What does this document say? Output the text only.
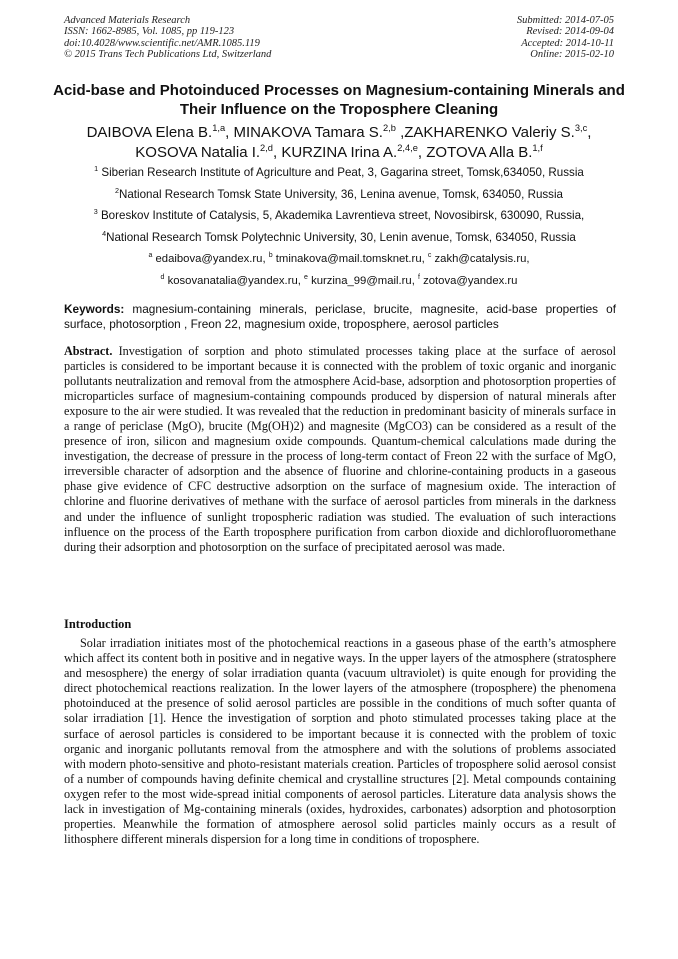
Advanced Materials Research
ISSN: 1662-8985, Vol. 1085, pp 119-123
doi:10.4028/www.scientific.net/AMR.1085.119
© 2015 Trans Tech Publications Ltd, Switzerland
Submitted: 2014-07-05
Revised: 2014-09-04
Accepted: 2014-10-11
Online: 2015-02-10
Acid-base and Photoinduced Processes on Magnesium-containing Minerals and Their Influence on the Troposphere Cleaning
DAIBOVA Elena B.$^{1,a}$, MINAKOVA Tamara S.$^{2,b}$ ,ZAKHARENKO Valeriy S.$^{3,c}$,
KOSOVA Natalia I.$^{2,d}$, KURZINA Irina A.$^{2,4,e}$, ZOTOVA Alla B.$^{1,f}$
$^1$ Siberian Research Institute of Agriculture and Peat, 3, Gagarina street, Tomsk,634050, Russia
$^2$National Research Tomsk State University, 36, Lenina avenue, Tomsk, 634050, Russia
$^3$ Boreskov Institute of Catalysis, 5, Akademika Lavrentieva street, Novosibirsk, 630090, Russia,
$^4$National Research Tomsk Polytechnic University, 30, Lenin avenue, Tomsk, 634050, Russia
$^a$ edaibova@yandex.ru, $^b$ tminakova@mail.tomsknet.ru, $^c$ zakh@catalysis.ru,
$^d$ kosovanatalia@yandex.ru, $^e$ kurzina_99@mail.ru, $^f$ zotova@yandex.ru
Keywords: magnesium-containing minerals, periclase, brucite, magnesite, acid-base properties of surface, photosorption , Freon 22, magnesium oxide, troposphere, aerosol particles
Abstract. Investigation of sorption and photo stimulated processes taking place at the surface of aerosol particles is considered to be important because it is connected with the problem of toxic organic and inorganic pollutants neutralization and removal from the atmosphere Acid-base, adsorption and photosorption properties of microparticles surface of magnesium-containing compounds produced by dispersion of natural minerals after exposure to the air were studied. It was revealed that the reduction in predominant basicity of minerals surface in a range of periclase (MgO), brucite (Mg(OH)2) and magnesite (MgCO3) can be considered as a result of the presence of iron, silicon and magnesium oxide compounds. Quantum-chemical calculations made during the investigation, the decrease of pressure in the process of long-term contact of Freon 22 with the surface of MgO, irreversible character of adsorption and the absence of fluorine and chlorine-containing products in a gaseous phase give evidence of CFC destructive adsorption on the surface of magnesium oxide. The interaction of chlorine and fluorine derivatives of methane with the surface of aerosol particles from minerals in the darkness and under the influence of sunlight tropospheric radiation was studied. The evaluation of such interactions influence on the process of the Earth troposphere purification from carbon dioxide and dichlorofluoromethane during their adsorption and photosorption on the surface of precipitated aerosol was made.
Introduction
Solar irradiation initiates most of the photochemical reactions in a gaseous phase of the earth’s atmosphere which affect its content both in positive and in negative ways. In the upper layers of the atmosphere (stratosphere and mesosphere) the energy of solar irradiation quanta (vacuum ultraviolet) is quite enough for providing the direct photochemical reactions realization. In the lower layers of the atmosphere (troposphere) the phenomena photoinduced at the presence of solid aerosol particles are possible in the conditions of much softer quanta of solar irradiation [1]. Hence the investigation of sorption and photo stimulated processes taking place at the surface of aerosol particles is considered to be important because it is connected with the problem of toxic organic and inorganic pollutants removal from the atmosphere and with the solutions of problems associated with modern photo-sensitive and photo-resistant materials creation. Particles of troposphere solid aerosol consist of a number of compounds having definite chemical and crystalline structures [2]. Metal compounds containing oxygen refer to the most wide-spread initial components of aerosol particles. Literature data analysis shows the lack in investigation of Mg-containing minerals (oxides, hydroxides, carbonates) adsorption and photosorption properties. Meanwhile the formation of atmosphere aerosol solid particles mainly occurs as a result of lithosphere different minerals dispersion for a long time in conditions of troposphere.
